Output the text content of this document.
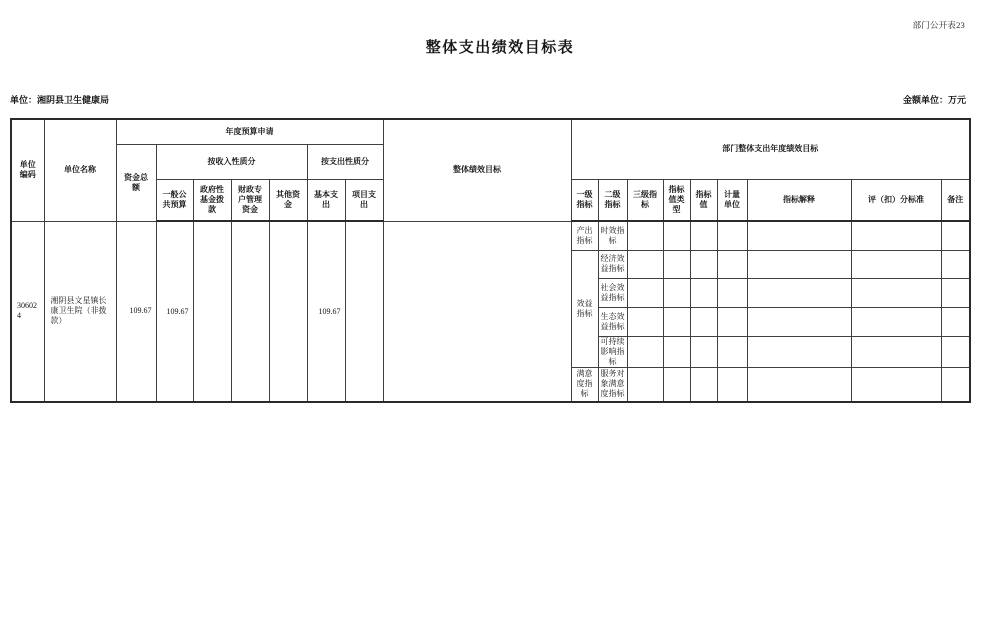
部门公开表23
整体支出绩效目标表
单位：湘阴县卫生健康局	金额单位：万元
单位编码	单位名称	年度预算申请							整体绩效目标	部门整体支出年度绩效目标								
		资金总额	按收入性质分				按支出性质分											
			一般公共预算	政府性基金拨款	财政专户管理资金	其他资金	基本支出	项目支出		一级指标	二级指标	三级指标	指标值类型	指标值	计量单位	指标解释	评（扣）分标准	备注
306024	湘阴县文星镇长康卫生院（非拨款）	109.67	109.67				109.67			产出指标	时效指标							
										效益指标	经济效益指标							
											社会效益指标							
											生态效益指标							
											可持续影响指标							
										满意度指标	服务对象满意度指标							
